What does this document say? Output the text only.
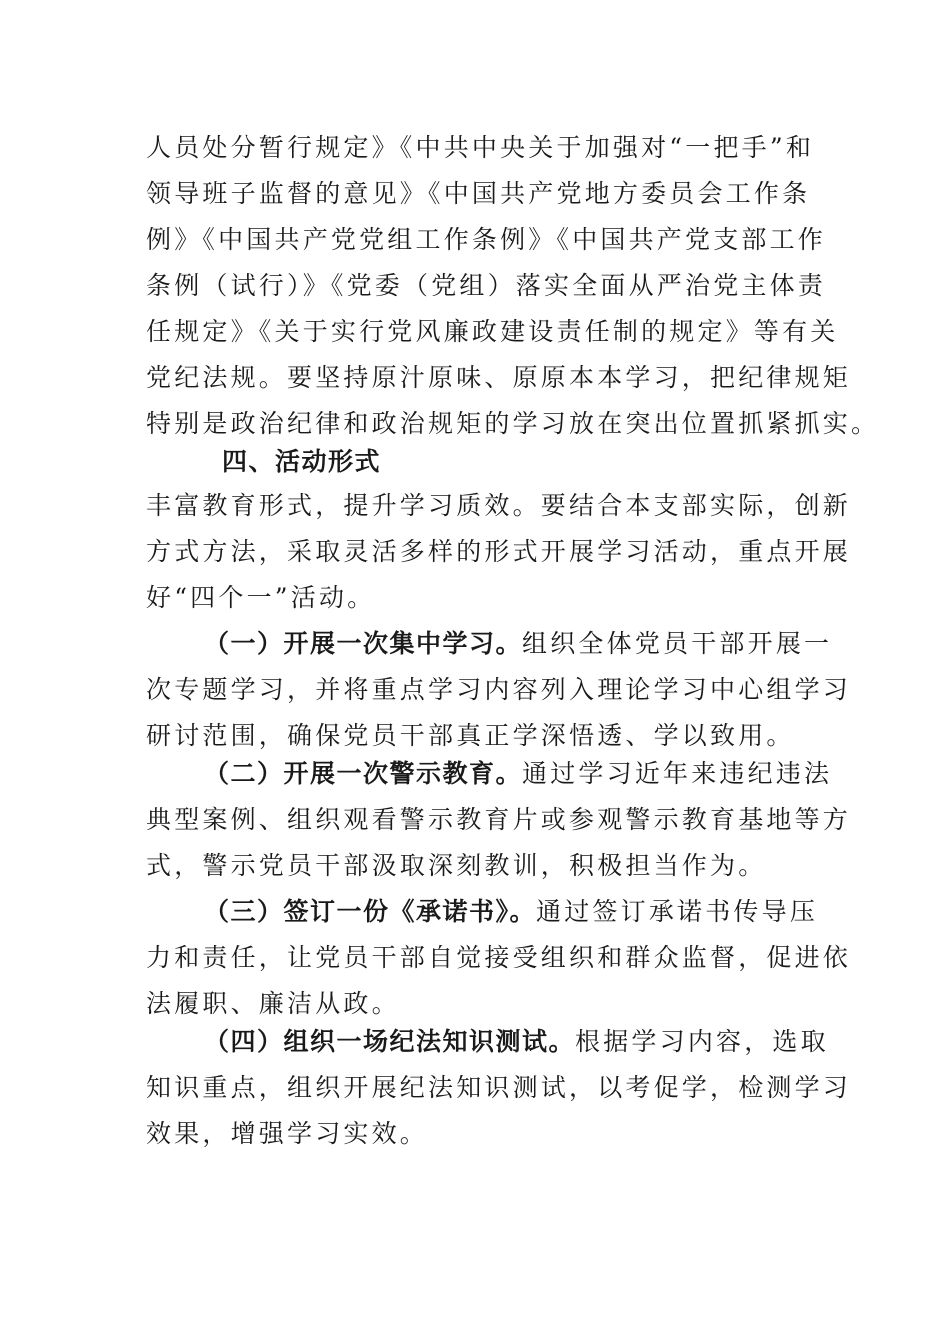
人员处分暂行规定》《中共中央关于加强对“一把手”和
领导班子监督的意见》《中国共产党地方委员会工作条
例》《中国共产党党组工作条例》《中国共产党支部工作
条例（试行）》《党委（党组）落实全面从严治党主体责
任规定》《关于实行党风廉政建设责任制的规定》等有关
党纪法规。要坚持原汁原味、原原本本学习，把纪律规矩
特别是政治纪律和政治规矩的学习放在突出位置抓紧抓实。
四、活动形式
丰富教育形式，提升学习质效。要结合本支部实际，创新
方式方法，采取灵活多样的形式开展学习活动，重点开展
好“四个一”活动。
（一）开展一次集中学习。组织全体党员干部开展一
次专题学习，并将重点学习内容列入理论学习中心组学习
研讨范围，确保党员干部真正学深悟透、学以致用。
（二）开展一次警示教育。通过学习近年来违纪违法
典型案例、组织观看警示教育片或参观警示教育基地等方
式，警示党员干部汲取深刻教训，积极担当作为。
（三）签订一份《承诺书》。通过签订承诺书传导压
力和责任，让党员干部自觉接受组织和群众监督，促进依
法履职、廉洁从政。
（四）组织一场纪法知识测试。根据学习内容，选取
知识重点，组织开展纪法知识测试，以考促学，检测学习
效果，增强学习实效。
